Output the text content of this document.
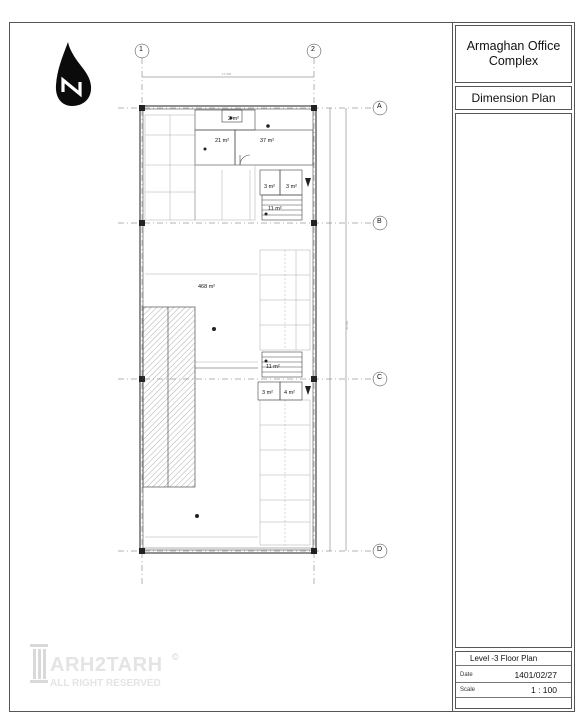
17.600
45.600
2 m²
21 m²	37 m²
3 m² 3 m²
11 m²
468 m²
11 m²
3 m² 4 m²
1	2
A
B
C
D
Armaghan Office Complex
Dimension Plan
Level -3 Floor Plan
Date	1401/02/27
Scale	1 : 100
ARH2TARH
ALL RIGHT RESERVED
©
